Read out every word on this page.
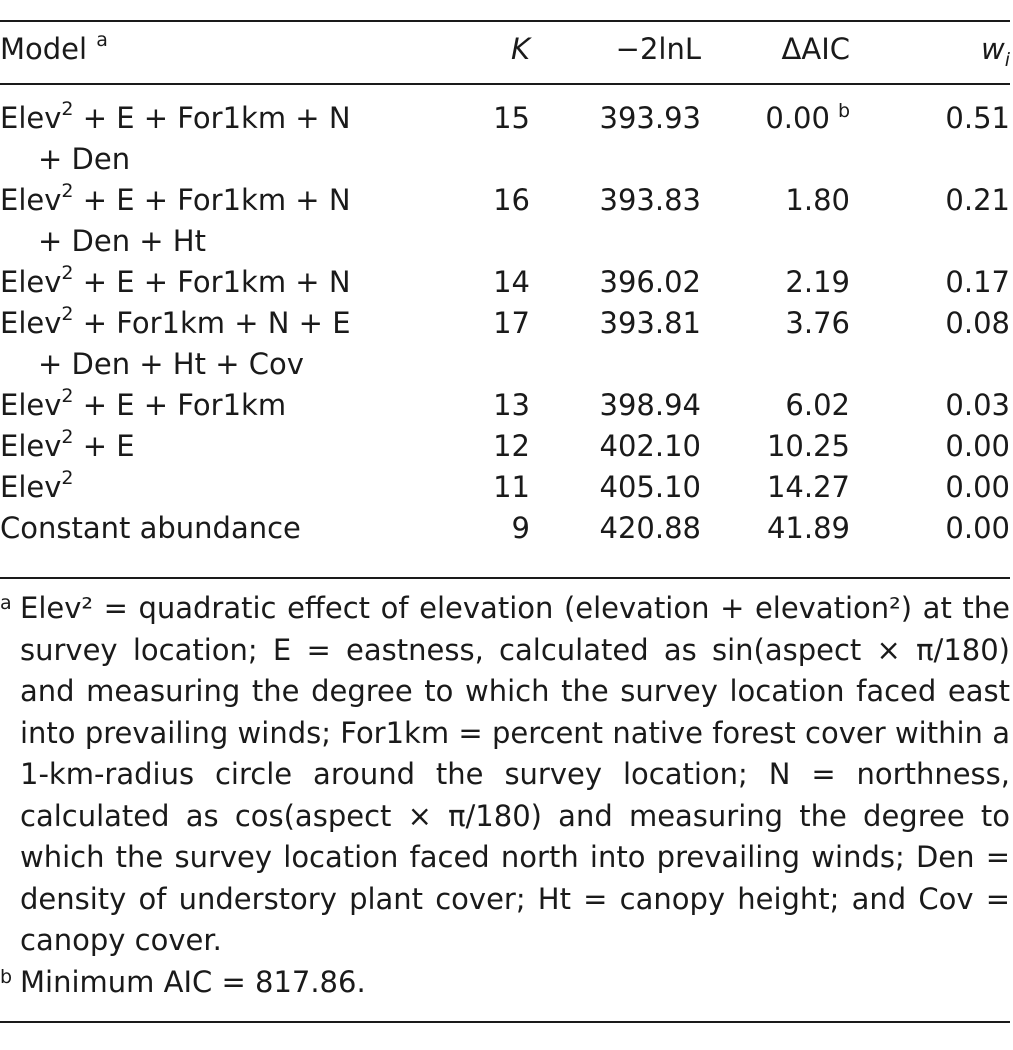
Model $^a$	K	−2lnL	ΔAIC	$w_i$
Elev$^2$ + E + For1km + N
+ Den	15	393.93	0.00 $^b$	0.51
Elev$^2$ + E + For1km + N
+ Den + Ht	16	393.83	1.80	0.21
Elev$^2$ + E + For1km + N	14	396.02	2.19	0.17
Elev$^2$ + For1km + N + E
+ Den + Ht + Cov	17	393.81	3.76	0.08
Elev$^2$ + E + For1km	13	398.94	6.02	0.03
Elev$^2$ + E	12	402.10	10.25	0.00
Elev$^2$	11	405.10	14.27	0.00
Constant abundance	9	420.88	41.89	0.00
a Elev² = quadratic effect of elevation (elevation + elevation²) at the survey location; E = eastness, calculated as sin(aspect × π/180) and measuring the degree to which the survey location faced east into prevailing winds; For1km = percent native forest cover within a 1-km-radius circle around the survey location; N = northness, calculated as cos(aspect × π/180) and measuring the degree to which the survey location faced north into prevailing winds; Den = density of understory plant cover; Ht = canopy height; and Cov = canopy cover.
b Minimum AIC = 817.86.
